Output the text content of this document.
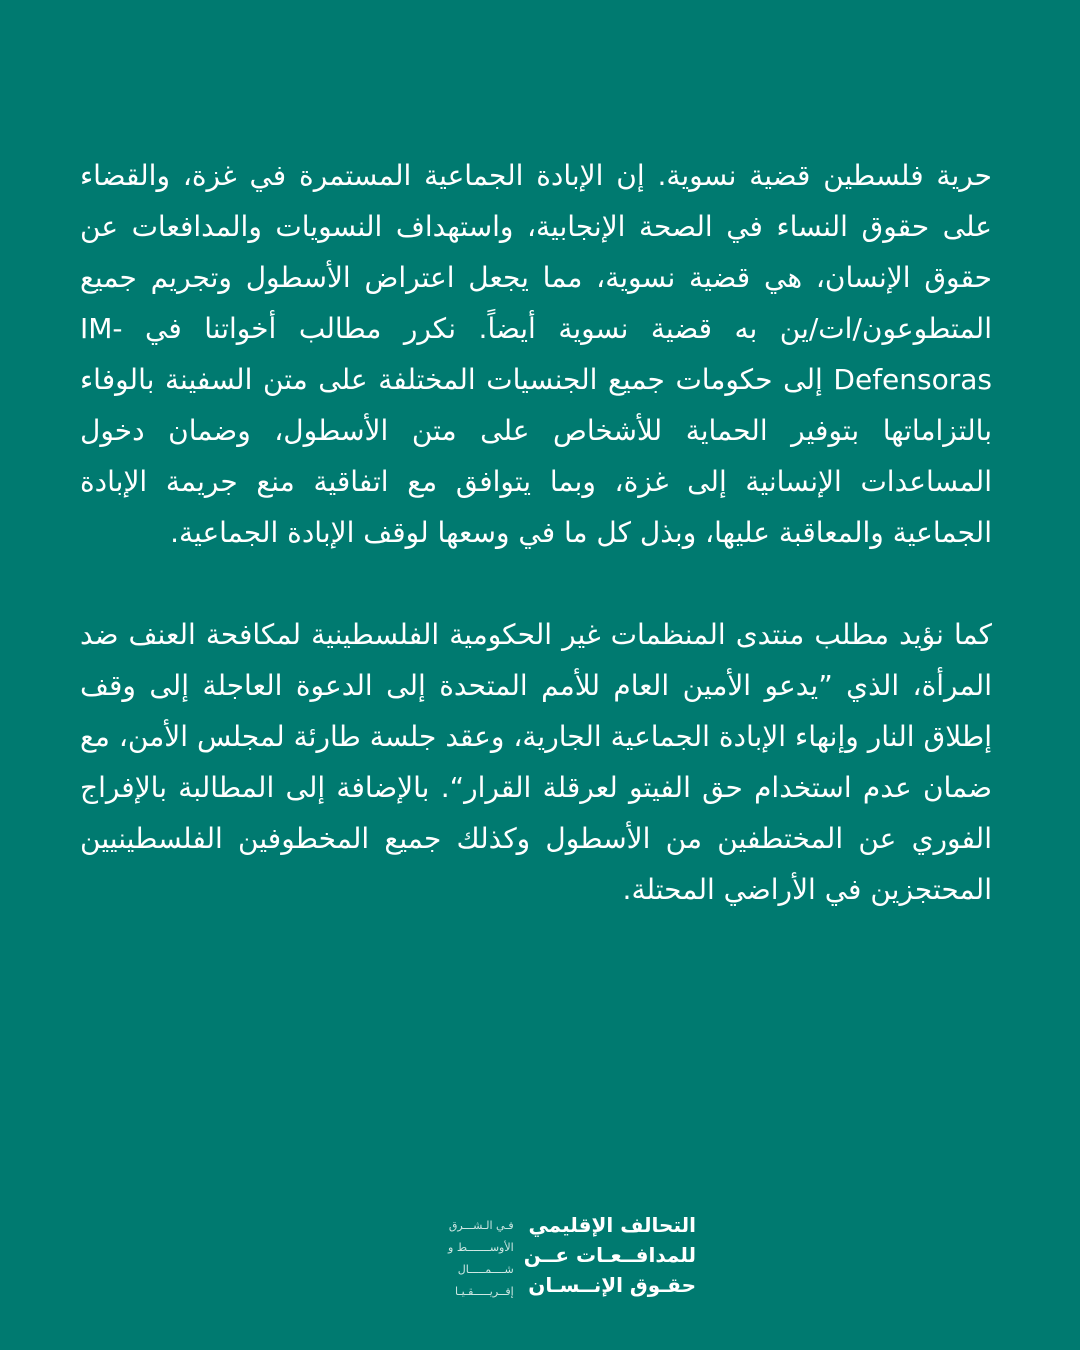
حرية فلسطين قضية نسوية. إن الإبادة الجماعية المستمرة في غزة، والقضاء على حقوق النساء في الصحة الإنجابية، واستهداف النسويات والمدافعات عن حقوق الإنسان، هي قضية نسوية، مما يجعل اعتراض الأسطول وتجريم جميع المتطوعون/ات/ين به قضية نسوية أيضاً. نكرر مطالب أخواتنا في IM-Defensoras إلى حكومات جميع الجنسيات المختلفة على متن السفينة بالوفاء بالتزاماتها بتوفير الحماية للأشخاص على متن الأسطول، وضمان دخول المساعدات الإنسانية إلى غزة، وبما يتوافق مع اتفاقية منع جريمة الإبادة الجماعية والمعاقبة عليها، وبذل كل ما في وسعها لوقف الإبادة الجماعية.

كما نؤيد مطلب منتدى المنظمات غير الحكومية الفلسطينية لمكافحة العنف ضد المرأة، الذي ”يدعو الأمين العام للأمم المتحدة إلى الدعوة العاجلة إلى وقف إطلاق النار وإنهاء الإبادة الجماعية الجارية، وعقد جلسة طارئة لمجلس الأمن، مع ضمان عدم استخدام حق الفيتو لعرقلة القرار“. بالإضافة إلى المطالبة بالإفراج الفوري عن المختطفين من الأسطول وكذلك جميع المخطوفين الفلسطينيين المحتجزين في الأراضي المحتلة.

التحالف الإقليمي
للمدافــعـات عــن
حقـوق الإنــسـان
فـي الـشـــرق
الأوســـــــط و
شــــمـــــال
إفــريـــــقـيـا
